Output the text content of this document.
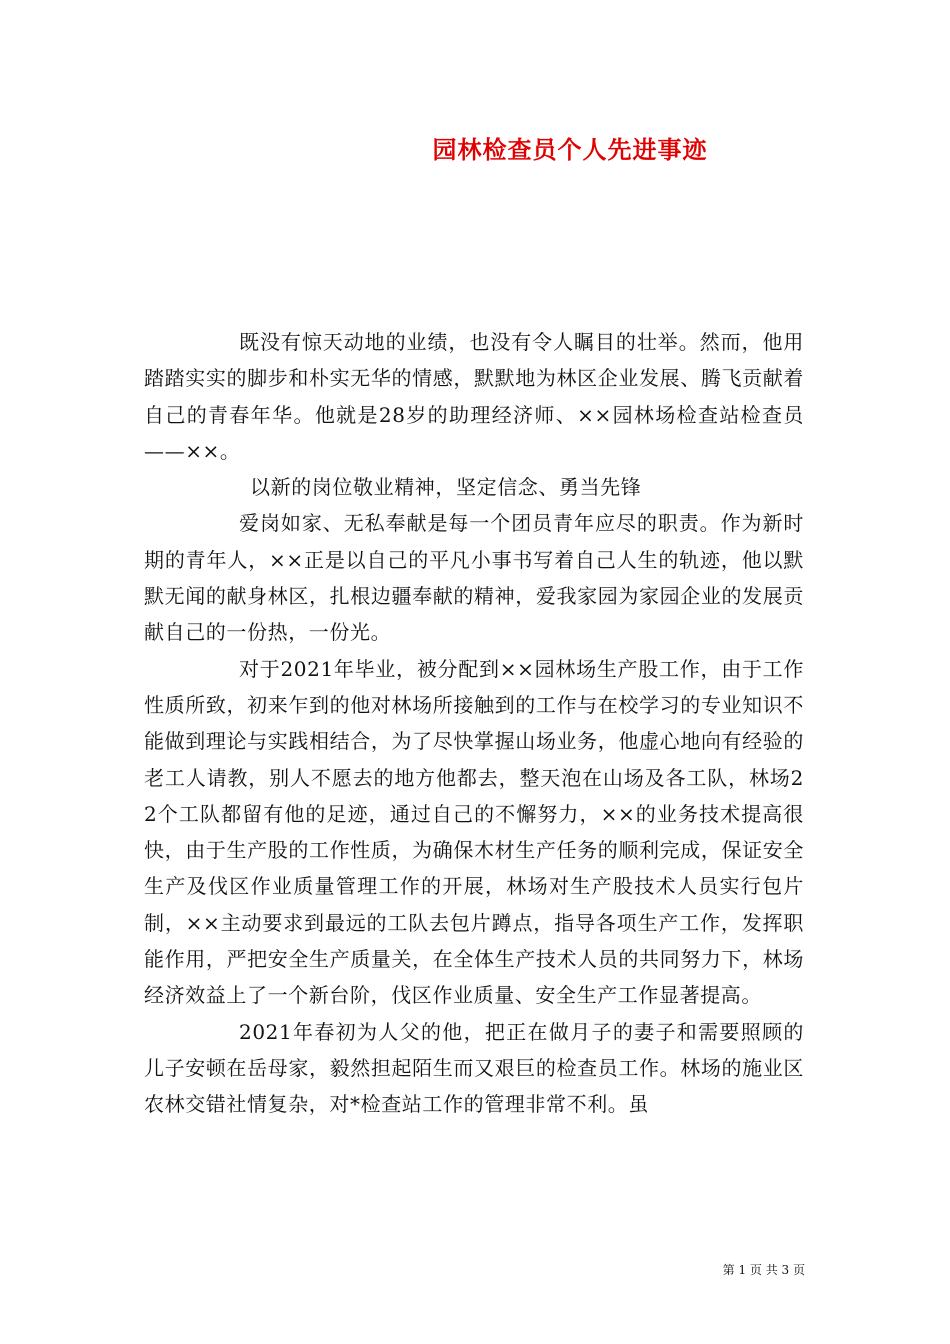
园林检查员个人先进事迹

既没有惊天动地的业绩，也没有令人瞩目的壮举。然而，他用踏踏实实的脚步和朴实无华的情感，默默地为林区企业发展、腾飞贡献着自己的青春年华。他就是28岁的助理经济师、××园林场检查站检查员——××。

以新的岗位敬业精神，坚定信念、勇当先锋

爱岗如家、无私奉献是每一个团员青年应尽的职责。作为新时期的青年人，××正是以自己的平凡小事书写着自己人生的轨迹，他以默默无闻的献身林区，扎根边疆奉献的精神，爱我家园为家园企业的发展贡献自己的一份热，一份光。

对于2021年毕业，被分配到××园林场生产股工作，由于工作性质所致，初来乍到的他对林场所接触到的工作与在校学习的专业知识不能做到理论与实践相结合，为了尽快掌握山场业务，他虚心地向有经验的老工人请教，别人不愿去的地方他都去，整天泡在山场及各工队，林场22个工队都留有他的足迹，通过自己的不懈努力，××的业务技术提高很快，由于生产股的工作性质，为确保木材生产任务的顺利完成，保证安全生产及伐区作业质量管理工作的开展，林场对生产股技术人员实行包片制，××主动要求到最远的工队去包片蹲点，指导各项生产工作，发挥职能作用，严把安全生产质量关，在全体生产技术人员的共同努力下，林场经济效益上了一个新台阶，伐区作业质量、安全生产工作显著提高。

2021年春初为人父的他，把正在做月子的妻子和需要照顾的儿子安顿在岳母家，毅然担起陌生而又艰巨的检查员工作。林场的施业区农林交错社情复杂，对*检查站工作的管理非常不利。虽

第 1 页 共 3 页
